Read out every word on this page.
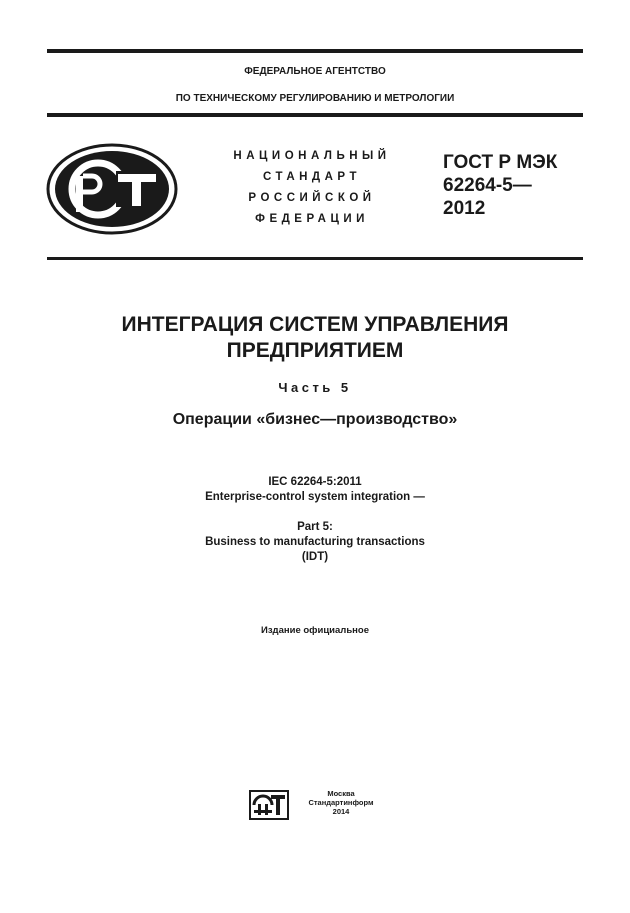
ФЕДЕРАЛЬНОЕ АГЕНТСТВО
ПО ТЕХНИЧЕСКОМУ РЕГУЛИРОВАНИЮ И МЕТРОЛОГИИ
НАЦИОНАЛЬНЫЙ
СТАНДАРТ
РОССИЙСКОЙ
ФЕДЕРАЦИИ
ГОСТ Р МЭК
62264-5—
2012
ИНТЕГРАЦИЯ СИСТЕМ УПРАВЛЕНИЯ
ПРЕДПРИЯТИЕМ
Часть 5
Операции «бизнес—производство»
IEC 62264-5:2011
Enterprise-control system integration —
Part 5:
Business to manufacturing transactions
(IDT)
Издание официальное
Москва
Стандартинформ
2014
